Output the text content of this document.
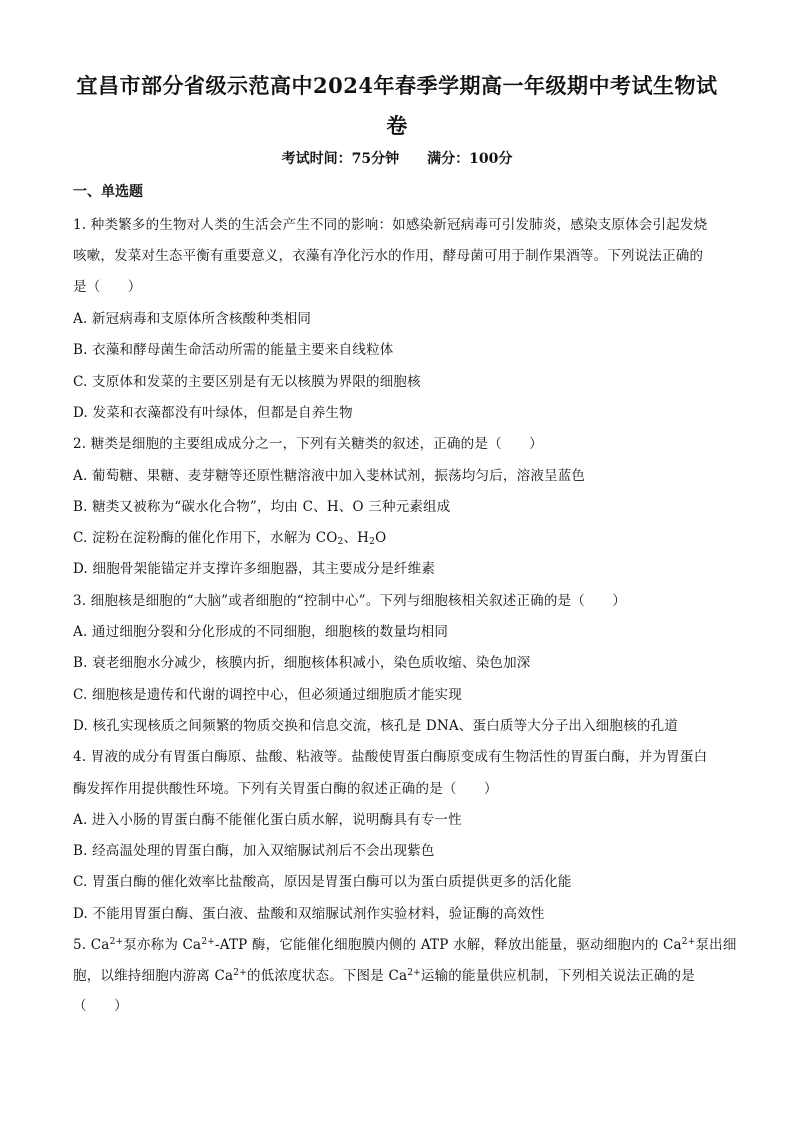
宜昌市部分省级示范高中2024年春季学期高一年级期中考试生物试
卷
考试时间：75分钟 满分：100分
一、单选题
1. 种类繁多的生物对人类的生活会产生不同的影响：如感染新冠病毒可引发肺炎，感染支原体会引起发烧
咳嗽，发菜对生态平衡有重要意义，衣藻有净化污水的作用，酵母菌可用于制作果酒等。下列说法正确的
是（　　）
A. 新冠病毒和支原体所含核酸种类相同
B. 衣藻和酵母菌生命活动所需的能量主要来自线粒体
C. 支原体和发菜的主要区别是有无以核膜为界限的细胞核
D. 发菜和衣藻都没有叶绿体，但都是自养生物
2. 糖类是细胞的主要组成成分之一，下列有关糖类的叙述，正确的是（　　）
A. 葡萄糖、果糖、麦芽糖等还原性糖溶液中加入斐林试剂，振荡均匀后，溶液呈蓝色
B. 糖类又被称为“碳水化合物”，均由 C、H、O 三种元素组成
C. 淀粉在淀粉酶的催化作用下，水解为 $CO_2$、$H_2O$
D. 细胞骨架能锚定并支撑许多细胞器，其主要成分是纤维素
3. 细胞核是细胞的“大脑”或者细胞的“控制中心”。下列与细胞核相关叙述正确的是（　　）
A. 通过细胞分裂和分化形成的不同细胞，细胞核的数量均相同
B. 衰老细胞水分减少，核膜内折，细胞核体积减小，染色质收缩、染色加深
C. 细胞核是遗传和代谢的调控中心，但必须通过细胞质才能实现
D. 核孔实现核质之间频繁的物质交换和信息交流，核孔是 DNA、蛋白质等大分子出入细胞核的孔道
4. 胃液的成分有胃蛋白酶原、盐酸、粘液等。盐酸使胃蛋白酶原变成有生物活性的胃蛋白酶，并为胃蛋白
酶发挥作用提供酸性环境。下列有关胃蛋白酶的叙述正确的是（　　）
A. 进入小肠的胃蛋白酶不能催化蛋白质水解，说明酶具有专一性
B. 经高温处理的胃蛋白酶，加入双缩脲试剂后不会出现紫色
C. 胃蛋白酶的催化效率比盐酸高，原因是胃蛋白酶可以为蛋白质提供更多的活化能
D. 不能用胃蛋白酶、蛋白液、盐酸和双缩脲试剂作实验材料，验证酶的高效性
5. $Ca^{2+}$泵亦称为 $Ca^{2+}$-ATP 酶，它能催化细胞膜内侧的 ATP 水解，释放出能量，驱动细胞内的 $Ca^{2+}$泵出细
胞，以维持细胞内游离 $Ca^{2+}$的低浓度状态。下图是 $Ca^{2+}$运输的能量供应机制，下列相关说法正确的是
（　　）
